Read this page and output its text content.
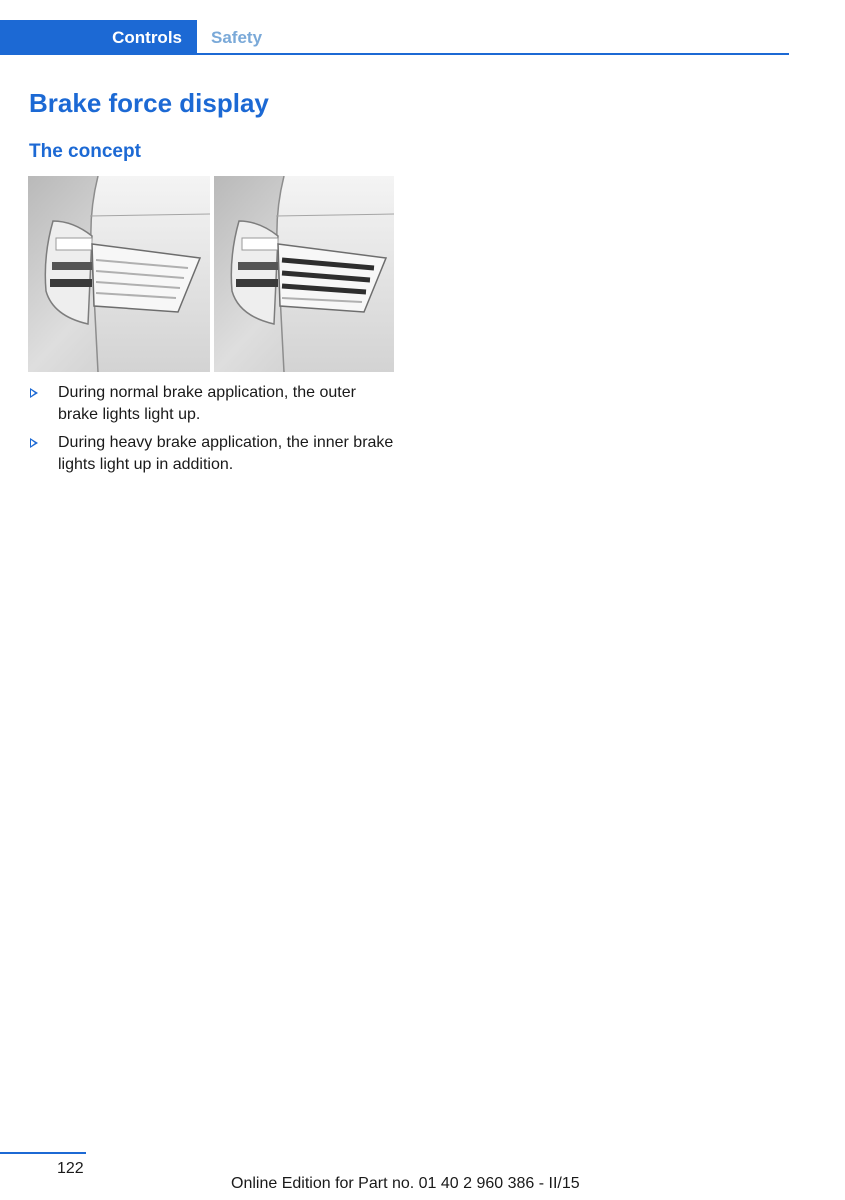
Controls Safety
Brake force display
The concept
During normal brake application, the outer brake lights light up.
During heavy brake application, the inner brake lights light up in addition.
122
Online Edition for Part no. 01 40 2 960 386 - II/15
